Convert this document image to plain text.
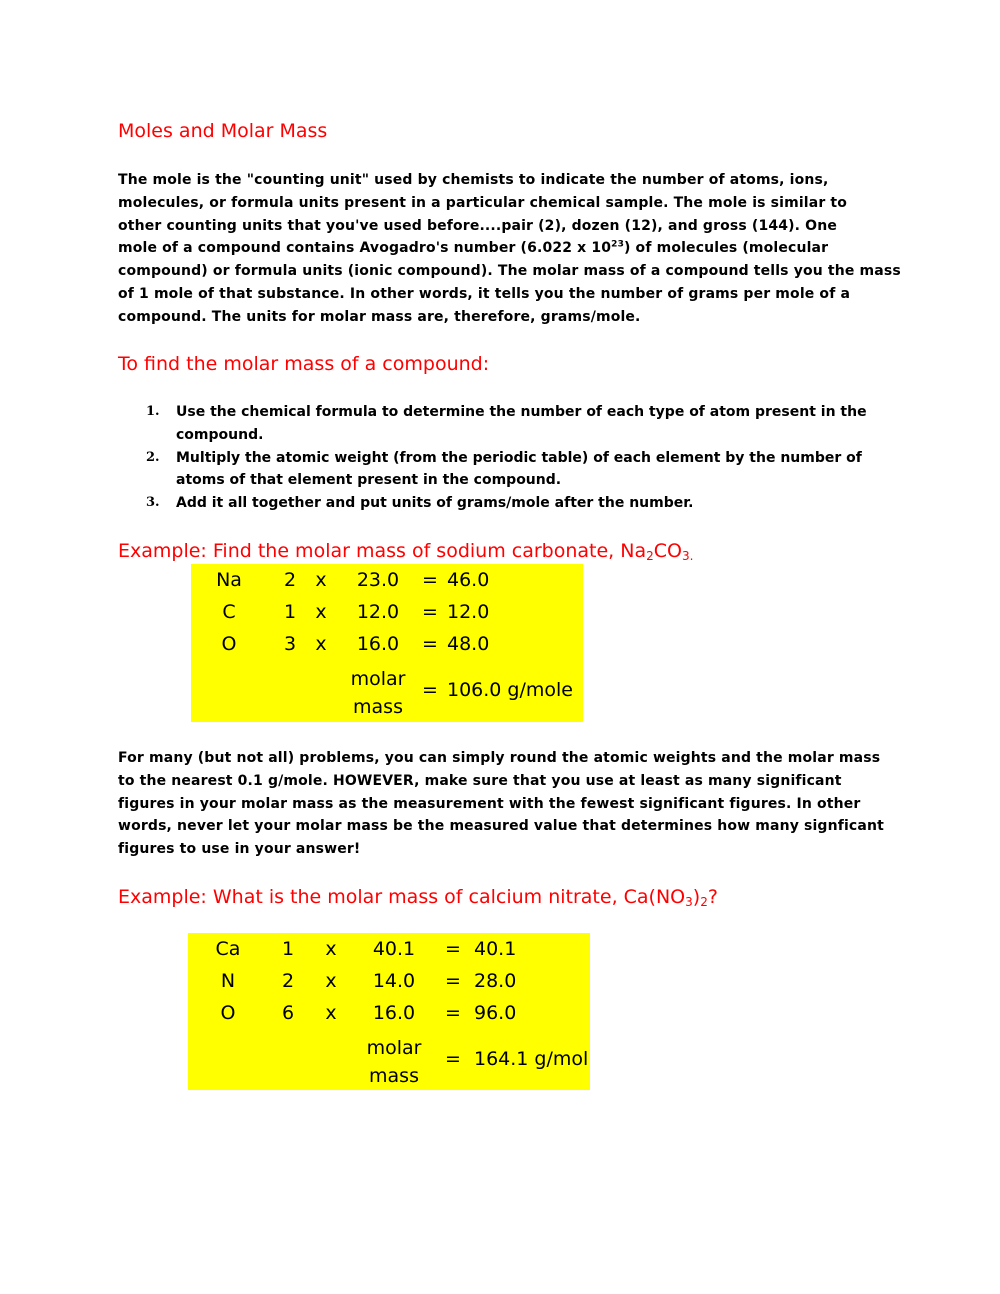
Moles and Molar Mass
The mole is the "counting unit" used by chemists to indicate the number of atoms, ions,
molecules, or formula units present in a particular chemical sample. The mole is similar to
other counting units that you've used before....pair (2), dozen (12), and gross (144). One
mole of a compound contains Avogadro's number (6.022 x $10^{23}$) of molecules (molecular
compound) or formula units (ionic compound). The molar mass of a compound tells you the mass
of 1 mole of that substance. In other words, it tells you the number of grams per mole of a
compound. The units for molar mass are, therefore, grams/mole.
To find the molar mass of a compound:
1. Use the chemical formula to determine the number of each type of atom present in the
compound.
2. Multiply the atomic weight (from the periodic table) of each element by the number of
atoms of that element present in the compound.
3. Add it all together and put units of grams/mole after the number.
Example: Find the molar mass of sodium carbonate, $Na_2CO_{3.}$
Na 2 x 23.0 = 46.0
C	1 x 12.0 = 12.0
O 3 x 16.0 = 48.0
molar
mass
= 106.0 g/mole
For many (but not all) problems, you can simply round the atomic weights and the molar mass
to the nearest 0.1 g/mole. HOWEVER, make sure that you use at least as many significant
figures in your molar mass as the measurement with the fewest significant figures. In other
words, never let your molar mass be the measured value that determines how many signficant
figures to use in your answer!
Example: What is the molar mass of calcium nitrate, $Ca(NO_3)_2$?
Ca 1 x 40.1 = 40.1
N 2 x 14.0 = 28.0
O 6 x 16.0 = 96.0
molar
mass
= 164.1 g/mol
